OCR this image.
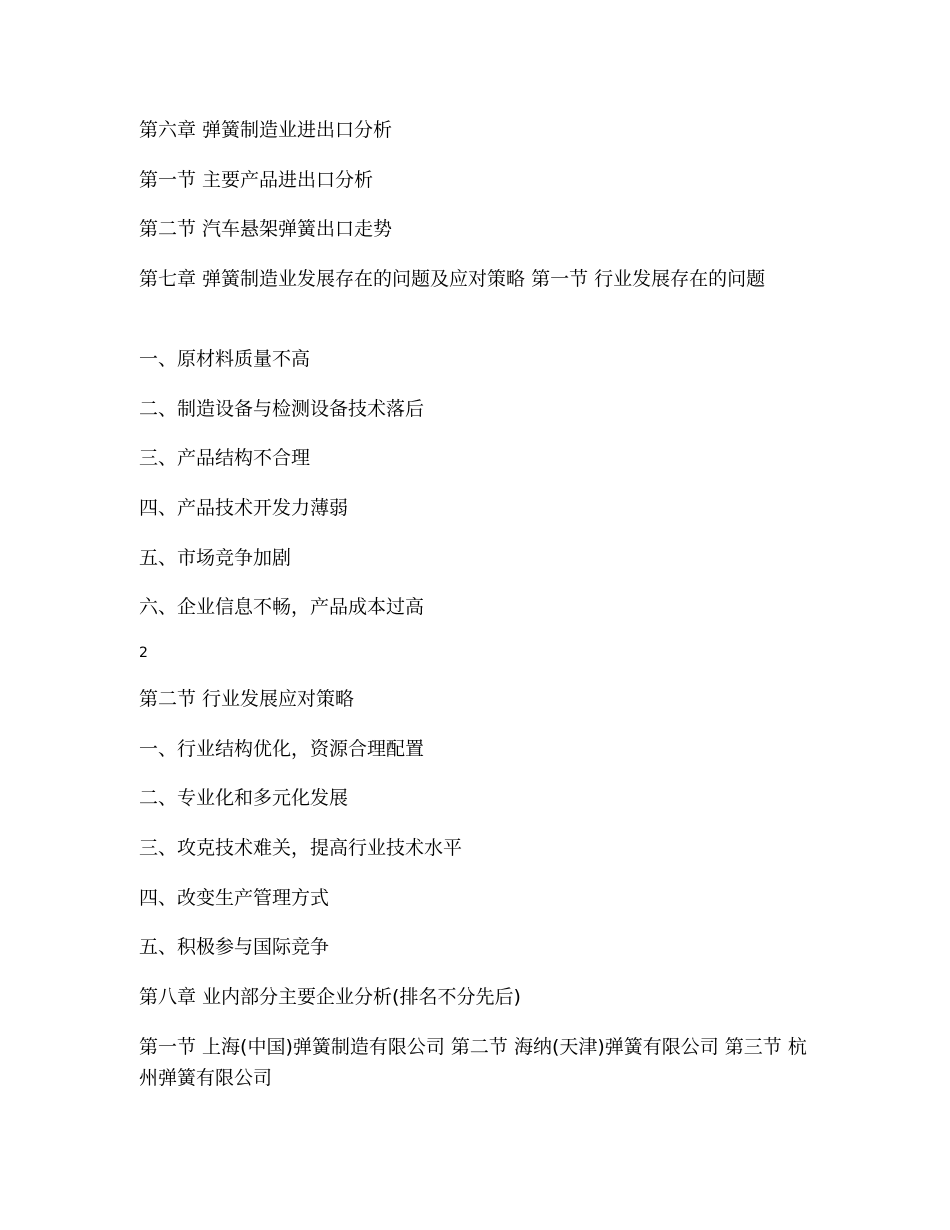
第六章 弹簧制造业进出口分析
第一节 主要产品进出口分析
第二节 汽车悬架弹簧出口走势
第七章 弹簧制造业发展存在的问题及应对策略 第一节 行业发展存在的问题
一、原材料质量不高
二、制造设备与检测设备技术落后
三、产品结构不合理
四、产品技术开发力薄弱
五、市场竞争加剧
六、企业信息不畅，产品成本过高
2
第二节 行业发展应对策略
一、行业结构优化，资源合理配置
二、专业化和多元化发展
三、攻克技术难关，提高行业技术水平
四、改变生产管理方式
五、积极参与国际竞争
第八章 业内部分主要企业分析(排名不分先后)
第一节 上海(中国)弹簧制造有限公司 第二节 海纳(天津)弹簧有限公司 第三节 杭州弹簧有限公司
